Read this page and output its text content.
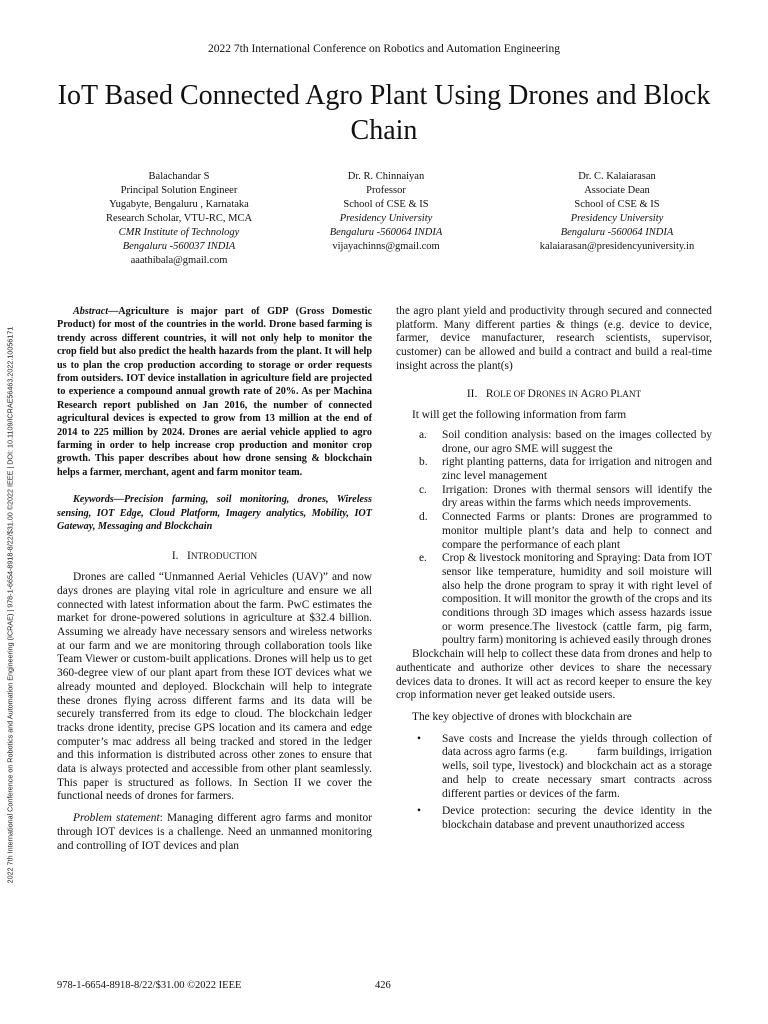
2022 7th International Conference on Robotics and Automation Engineering (ICRAE) | 978-1-6654-8918-8/22/$31.00 ©2022 IEEE | DOI: 10.1109/ICRAE56463.2022.10056171
2022 7th International Conference on Robotics and Automation Engineering
IoT Based Connected Agro Plant Using Drones and Block Chain
Balachandar S
Principal Solution Engineer
Yugabyte, Bengaluru , Karnataka
Research Scholar, VTU-RC, MCA
CMR Institute of Technology
Bengaluru -560037 INDIA
aaathibala@gmail.com
Dr. R. Chinnaiyan
Professor
School of CSE & IS
Presidency University
Bengaluru -560064 INDIA
vijayachinns@gmail.com
Dr. C. Kalaiarasan
Associate Dean
School of CSE & IS
Presidency University
Bengaluru -560064 INDIA
kalaiarasan@presidencyuniversity.in

Abstract—Agriculture is major part of GDP (Gross Domestic Product) for most of the countries in the world. Drone based farming is trendy across different countries, it will not only help to monitor the crop field but also predict the health hazards from the plant. It will help us to plan the crop production according to storage or order requests from outsiders. IOT device installation in agriculture field are projected to experience a compound annual growth rate of 20%. As per Machina Research report published on Jan 2016, the number of connected agricultural devices is expected to grow from 13 million at the end of 2014 to 225 million by 2024. Drones are aerial vehicle applied to agro farming in order to help increase crop production and monitor crop growth. This paper describes about how drone sensing & blockchain helps a farmer, merchant, agent and farm monitor team.

Keywords—Precision farming, soil monitoring, drones, Wireless sensing, IOT Edge, Cloud Platform, Imagery analytics, Mobility, IOT Gateway, Messaging and Blockchain

I. INTRODUCTION

Drones are called “Unmanned Aerial Vehicles (UAV)” and now days drones are playing vital role in agriculture and ensure we all connected with latest information about the farm. PwC estimates the market for drone-powered solutions in agriculture at $32.4 billion. Assuming we already have necessary sensors and wireless networks at our farm and we are monitoring through collaboration tools like Team Viewer or custom-built applications. Drones will help us to get 360-degree view of our plant apart from these IOT devices what we already mounted and deployed. Blockchain will help to integrate these drones flying across different farms and its data will be securely transferred from its edge to cloud. The blockchain ledger tracks drone identity, precise GPS location and its camera and edge computer’s mac address all being tracked and stored in the ledger and this information is distributed across other zones to ensure that data is always protected and accessible from other plant seamlessly. This paper is structured as follows. In Section II we cover the functional needs of drones for farmers.

Problem statement: Managing different agro farms and monitor through IOT devices is a challenge. Need an unmanned monitoring and controlling of IOT devices and plan

the agro plant yield and productivity through secured and connected platform. Many different parties & things (e.g. device to device, farmer, device manufacturer, research scientists, supervisor, customer) can be allowed and build a contract and build a real-time insight across the plant(s)

II. ROLE OF DRONES IN AGRO PLANT

It will get the following information from farm

a. Soil condition analysis: based on the images collected by drone, our agro SME will suggest the
b. right planting patterns, data for irrigation and nitrogen and zinc level management
c. Irrigation: Drones with thermal sensors will identify the dry areas within the farms which needs improvements.
d. Connected Farms or plants: Drones are programmed to monitor multiple plant’s data and help to connect and compare the performance of each plant
e. Crop & livestock monitoring and Spraying: Data from IOT sensor like temperature, humidity and soil moisture will also help the drone program to spray it with right level of composition. It will monitor the growth of the crops and its conditions through 3D images which assess hazards issue or worm presence.The livestock (cattle farm, pig farm, poultry farm) monitoring is achieved easily through drones

Blockchain will help to collect these data from drones and help to authenticate and authorize other devices to share the necessary devices data to drones. It will act as record keeper to ensure the key crop information never get leaked outside users.

The key objective of drones with blockchain are

• Save costs and Increase the yields through collection of data across agro farms (e.g.          farm buildings, irrigation wells, soil type, livestock) and blockchain act as a storage and help to create necessary smart contracts across different parties or devices of the farm.
• Device protection: securing the device identity in the blockchain database and prevent unauthorized access
978-1-6654-8918-8/22/$31.00 ©2022 IEEE	426
